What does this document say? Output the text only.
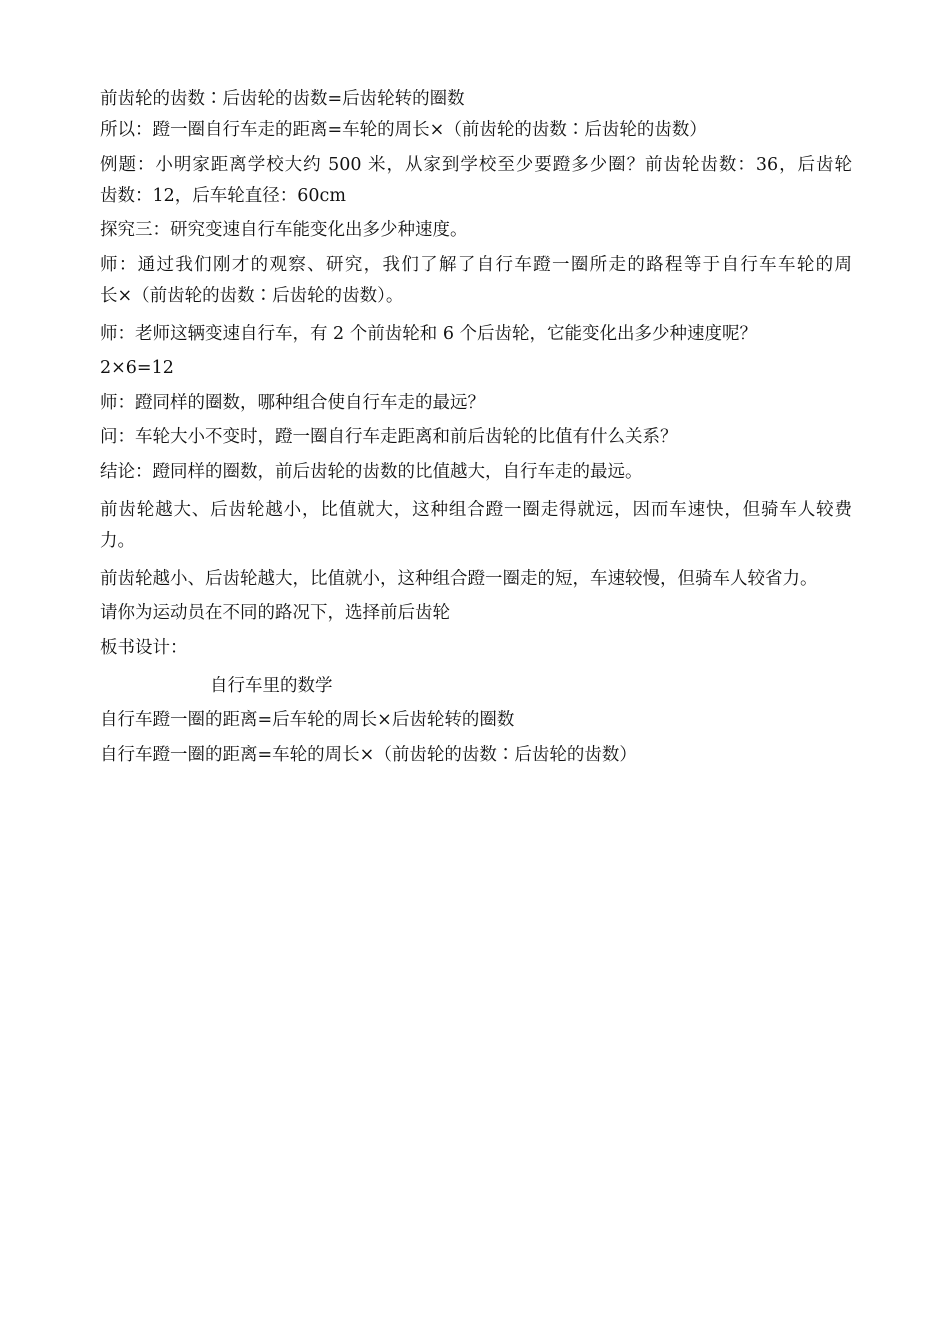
前齿轮的齿数∶后齿轮的齿数=后齿轮转的圈数
所以：蹬一圈自行车走的距离=车轮的周长×（前齿轮的齿数∶后齿轮的齿数）
例题：小明家距离学校大约 500 米，从家到学校至少要蹬多少圈？前齿轮齿数：36，后齿轮
齿数：12，后车轮直径：60cm
探究三：研究变速自行车能变化出多少种速度。
师：通过我们刚才的观察、研究，我们了解了自行车蹬一圈所走的路程等于自行车车轮的周
长×（前齿轮的齿数∶后齿轮的齿数）。
师：老师这辆变速自行车，有 2 个前齿轮和 6 个后齿轮，它能变化出多少种速度呢？
2×6=12
师：蹬同样的圈数，哪种组合使自行车走的最远？
问：车轮大小不变时，蹬一圈自行车走距离和前后齿轮的比值有什么关系？
结论：蹬同样的圈数，前后齿轮的齿数的比值越大，自行车走的最远。
前齿轮越大、后齿轮越小，比值就大，这种组合蹬一圈走得就远，因而车速快，但骑车人较费
力。
前齿轮越小、后齿轮越大，比值就小，这种组合蹬一圈走的短，车速较慢，但骑车人较省力。
请你为运动员在不同的路况下，选择前后齿轮
板书设计：
自行车里的数学
自行车蹬一圈的距离=后车轮的周长×后齿轮转的圈数
自行车蹬一圈的距离=车轮的周长×（前齿轮的齿数∶后齿轮的齿数）
